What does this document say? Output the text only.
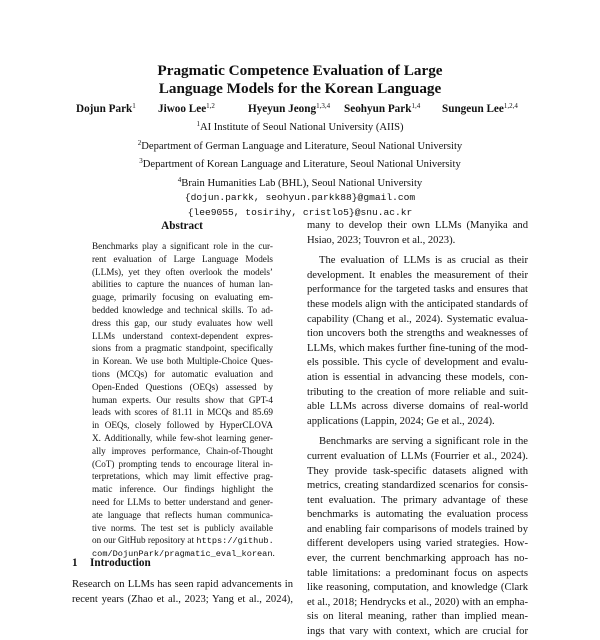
Pragmatic Competence Evaluation of Large
Language Models for the Korean Language
Dojun Park$^1$ Jiwoo Lee$^{1,2}$	Hyeyun Jeong$^{1,3,4}$ Seohyun Park$^{1,4}$ Sungeun Lee$^{1,2,4}$
$^1$AI Institute of Seoul National University (AIIS)
$^2$Department of German Language and Literature, Seoul National University
$^3$Department of Korean Language and Literature, Seoul National University
$^4$Brain Humanities Lab (BHL), Seoul National University
{dojun.parkk, seohyun.parkk88}@gmail.com
{lee9055, tosirihy, cristlo5}@snu.ac.kr
Abstract
Benchmarks play a significant role in the cur-
rent evaluation of Large Language Models
(LLMs), yet they often overlook the models’
abilities to capture the nuances of human lan-
guage, primarily focusing on evaluating em-
bedded knowledge and technical skills. To ad-
dress this gap, our study evaluates how well
LLMs understand context-dependent expres-
sions from a pragmatic standpoint, specifically
in Korean. We use both Multiple-Choice Ques-
tions (MCQs) for automatic evaluation and
Open-Ended Questions (OEQs) assessed by
human experts. Our results show that GPT-4
leads with scores of 81.11 in MCQs and 85.69
in OEQs, closely followed by HyperCLOVA
X. Additionally, while few-shot learning gener-
ally improves performance, Chain-of-Thought
(CoT) prompting tends to encourage literal in-
terpretations, which may limit effective prag-
matic inference. Our findings highlight the
need for LLMs to better understand and gener-
ate language that reflects human communica-
tive norms. The test set is publicly available
on our GitHub repository at https://github.
com/DojunPark/pragmatic_eval_korean.
1 Introduction
Research on LLMs has seen rapid advancements in
recent years (Zhao et al., 2023; Yang et al., 2024),
many to develop their own LLMs (Manyika and
Hsiao, 2023; Touvron et al., 2023).
The evaluation of LLMs is as crucial as their
development. It enables the measurement of their
performance for the targeted tasks and ensures that
these models align with the anticipated standards of
capability (Chang et al., 2024). Systematic evalua-
tion uncovers both the strengths and weaknesses of
LLMs, which makes further fine-tuning of the mod-
els possible. This cycle of development and evalu-
ation is essential in advancing these models, con-
tributing to the creation of more reliable and suit-
able LLMs across diverse domains of real-world
applications (Lappin, 2024; Ge et al., 2024).
Benchmarks are serving a significant role in the
current evaluation of LLMs (Fourrier et al., 2024).
They provide task-specific datasets aligned with
metrics, creating standardized scenarios for consis-
tent evaluation. The primary advantage of these
benchmarks is automating the evaluation process
and enabling fair comparisons of models trained by
different developers using varied strategies. How-
ever, the current benchmarking approach has no-
table limitations: a predominant focus on aspects
like reasoning, computation, and knowledge (Clark
et al., 2018; Hendrycks et al., 2020) with an empha-
sis on literal meaning, rather than implied mean-
ings that vary with context, which are crucial for
